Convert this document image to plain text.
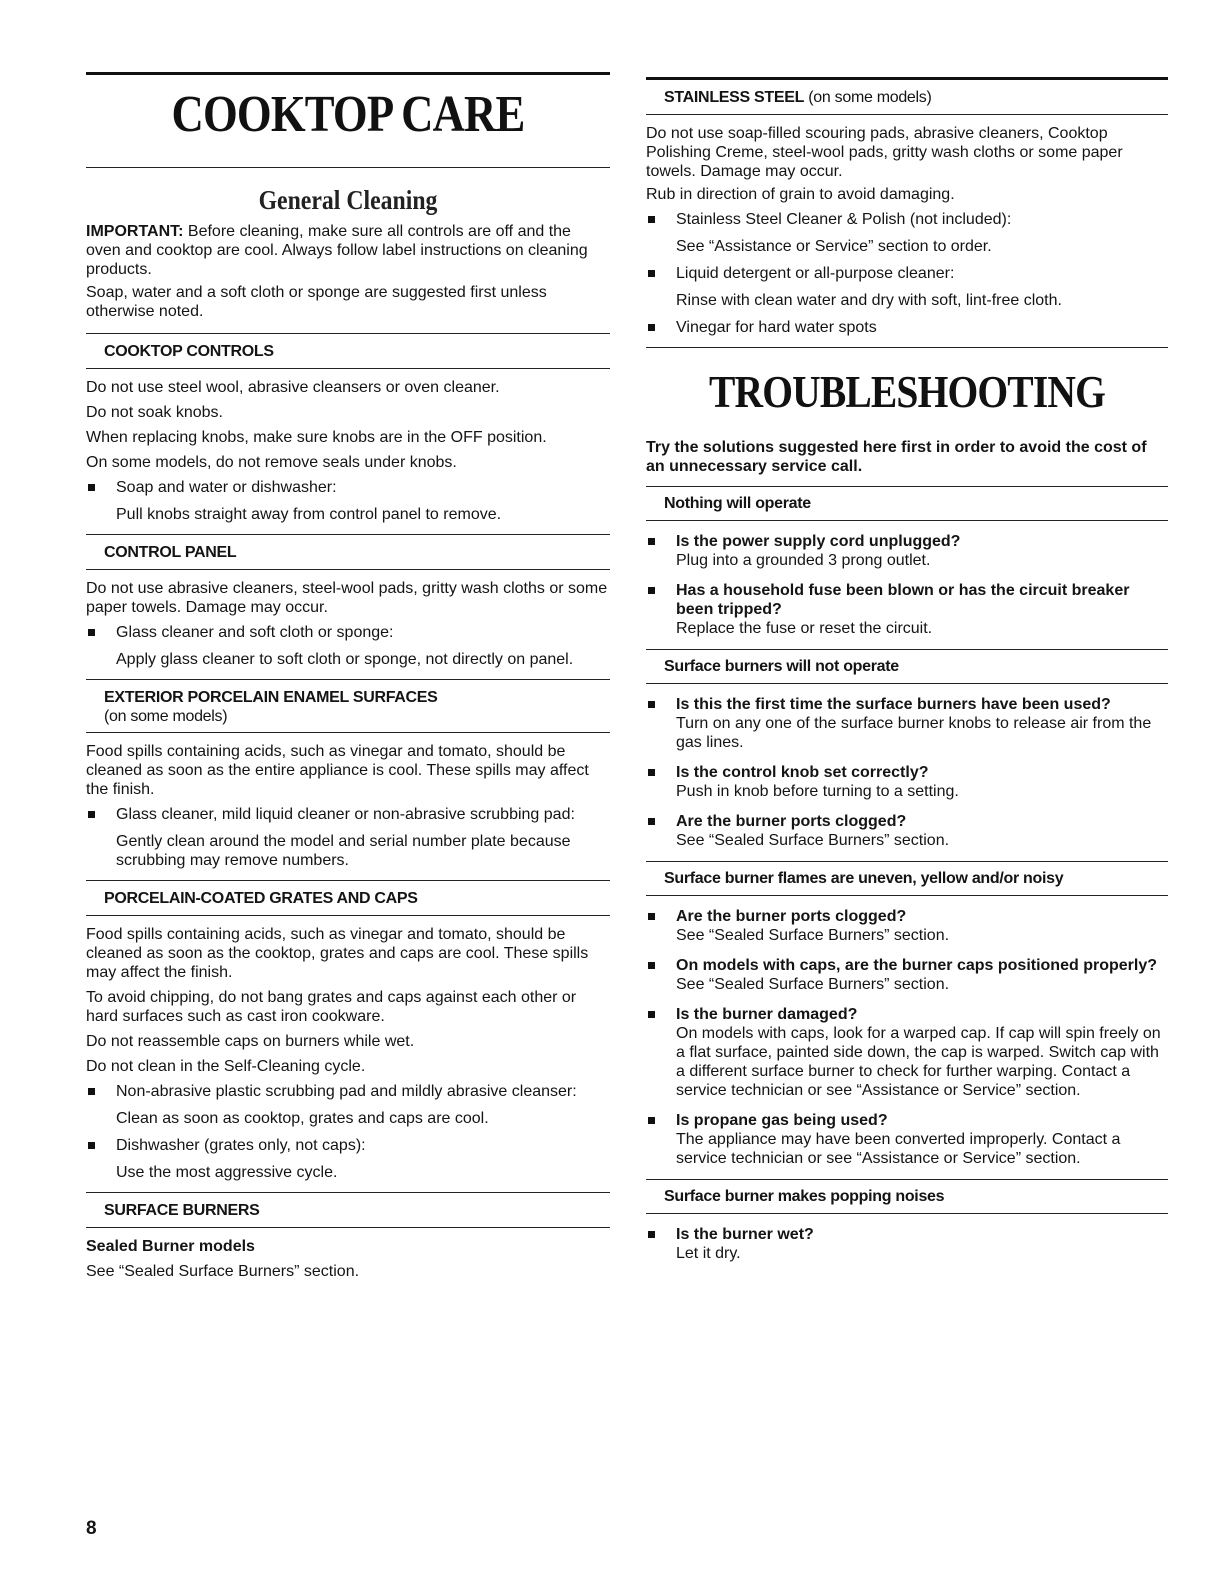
COOKTOP CARE
General Cleaning

IMPORTANT: Before cleaning, make sure all controls are off and the oven and cooktop are cool. Always follow label instructions on cleaning products.

Soap, water and a soft cloth or sponge are suggested first unless otherwise noted.

COOKTOP CONTROLS

Do not use steel wool, abrasive cleansers or oven cleaner.

Do not soak knobs.

When replacing knobs, make sure knobs are in the OFF position.

On some models, do not remove seals under knobs.

Soap and water or dishwasher:

Pull knobs straight away from control panel to remove.

CONTROL PANEL

Do not use abrasive cleaners, steel-wool pads, gritty wash cloths or some paper towels. Damage may occur.

Glass cleaner and soft cloth or sponge:

Apply glass cleaner to soft cloth or sponge, not directly on panel.

EXTERIOR PORCELAIN ENAMEL SURFACES
(on some models)

Food spills containing acids, such as vinegar and tomato, should be cleaned as soon as the entire appliance is cool. These spills may affect the finish.

Glass cleaner, mild liquid cleaner or non-abrasive scrubbing pad:

Gently clean around the model and serial number plate because scrubbing may remove numbers.

PORCELAIN-COATED GRATES AND CAPS

Food spills containing acids, such as vinegar and tomato, should be cleaned as soon as the cooktop, grates and caps are cool. These spills may affect the finish.

To avoid chipping, do not bang grates and caps against each other or hard surfaces such as cast iron cookware.

Do not reassemble caps on burners while wet.

Do not clean in the Self-Cleaning cycle.

Non-abrasive plastic scrubbing pad and mildly abrasive cleanser:

Clean as soon as cooktop, grates and caps are cool.

Dishwasher (grates only, not caps):

Use the most aggressive cycle.

SURFACE BURNERS

Sealed Burner models

See “Sealed Surface Burners” section.

STAINLESS STEEL (on some models)

Do not use soap-filled scouring pads, abrasive cleaners, Cooktop Polishing Creme, steel-wool pads, gritty wash cloths or some paper towels. Damage may occur.

Rub in direction of grain to avoid damaging.

Stainless Steel Cleaner & Polish (not included):

See “Assistance or Service” section to order.

Liquid detergent or all-purpose cleaner:

Rinse with clean water and dry with soft, lint-free cloth.

Vinegar for hard water spots
TROUBLESHOOTING

Try the solutions suggested here first in order to avoid the cost of an unnecessary service call.

Nothing will operate
Is the power supply cord unplugged?
Plug into a grounded 3 prong outlet.
Has a household fuse been blown or has the circuit breaker been tripped?
Replace the fuse or reset the circuit.
Surface burners will not operate
Is this the first time the surface burners have been used?
Turn on any one of the surface burner knobs to release air from the gas lines.
Is the control knob set correctly?
Push in knob before turning to a setting.
Are the burner ports clogged?
See “Sealed Surface Burners” section.
Surface burner flames are uneven, yellow and/or noisy
Are the burner ports clogged?
See “Sealed Surface Burners” section.
On models with caps, are the burner caps positioned properly?
See “Sealed Surface Burners” section.
Is the burner damaged?
On models with caps, look for a warped cap. If cap will spin freely on a flat surface, painted side down, the cap is warped. Switch cap with a different surface burner to check for further warping. Contact a service technician or see “Assistance or Service” section.
Is propane gas being used?
The appliance may have been converted improperly. Contact a service technician or see “Assistance or Service” section.
Surface burner makes popping noises
Is the burner wet?
Let it dry.
8
